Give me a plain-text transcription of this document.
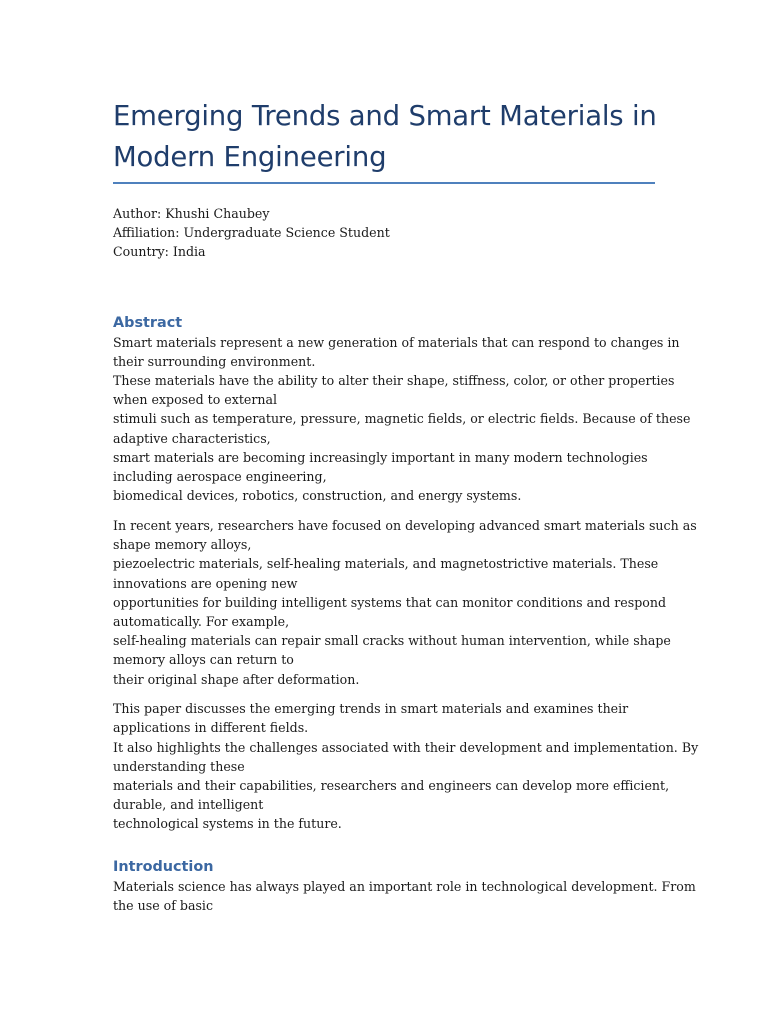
Emerging Trends and Smart Materials in
Modern Engineering
Author: Khushi Chaubey
Affiliation: Undergraduate Science Student
Country: India
Abstract

Smart materials represent a new generation of materials that can respond to changes in
their surrounding environment.
These materials have the ability to alter their shape, stiffness, color, or other properties
when exposed to external
stimuli such as temperature, pressure, magnetic fields, or electric fields. Because of these
adaptive characteristics,
smart materials are becoming increasingly important in many modern technologies
including aerospace engineering,
biomedical devices, robotics, construction, and energy systems.

In recent years, researchers have focused on developing advanced smart materials such as
shape memory alloys,
piezoelectric materials, self-healing materials, and magnetostrictive materials. These
innovations are opening new
opportunities for building intelligent systems that can monitor conditions and respond
automatically. For example,
self-healing materials can repair small cracks without human intervention, while shape
memory alloys can return to
their original shape after deformation.

This paper discusses the emerging trends in smart materials and examines their
applications in different fields.
It also highlights the challenges associated with their development and implementation. By
understanding these
materials and their capabilities, researchers and engineers can develop more efficient,
durable, and intelligent
technological systems in the future.

Introduction

Materials science has always played an important role in technological development. From
the use of basic
